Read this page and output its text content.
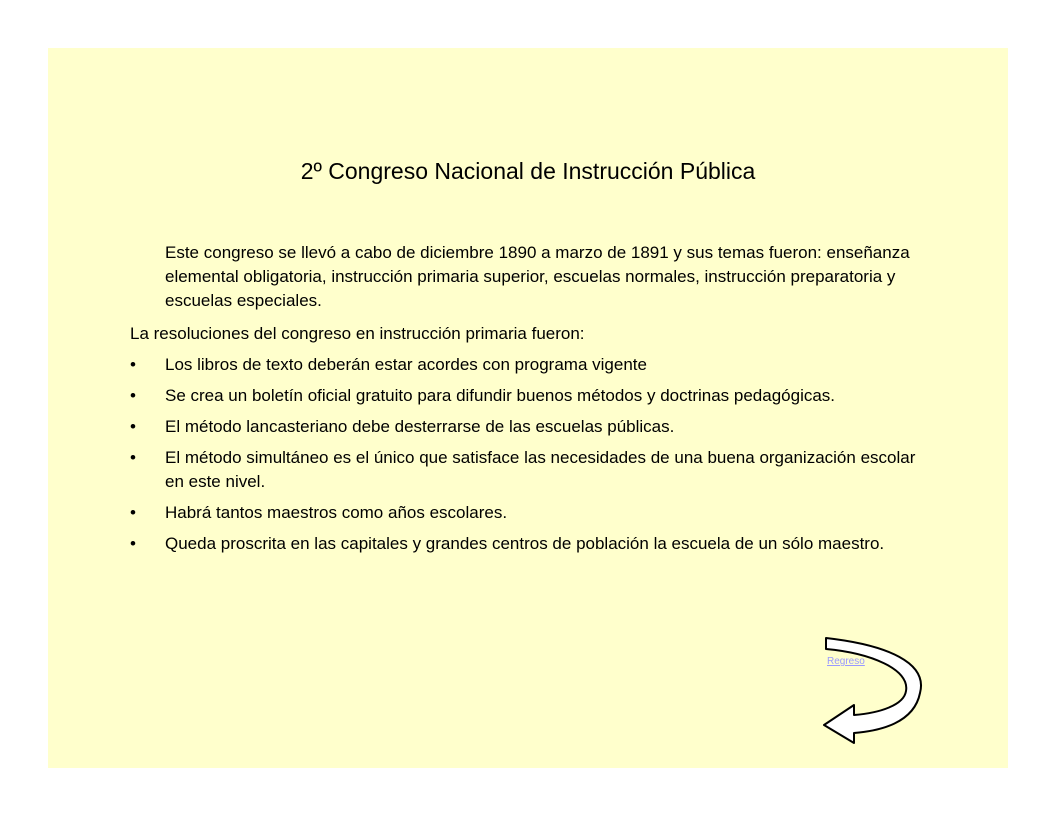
2º Congreso Nacional de Instrucción Pública
Este congreso se llevó a cabo de diciembre 1890 a marzo de 1891 y sus temas fueron: enseñanza elemental obligatoria, instrucción primaria superior, escuelas normales, instrucción preparatoria y escuelas especiales.
La resoluciones del congreso en instrucción primaria fueron:
• Los libros de texto deberán estar acordes con programa vigente
• Se crea un boletín oficial gratuito para difundir buenos métodos y doctrinas pedagógicas.
• El método lancasteriano debe desterrarse de las escuelas públicas.
• El método simultáneo es el único que satisface las necesidades de una buena organización escolar en este nivel.
• Habrá tantos maestros como años escolares.
• Queda proscrita en las capitales y grandes centros de población la escuela de un sólo maestro.
Regreso
